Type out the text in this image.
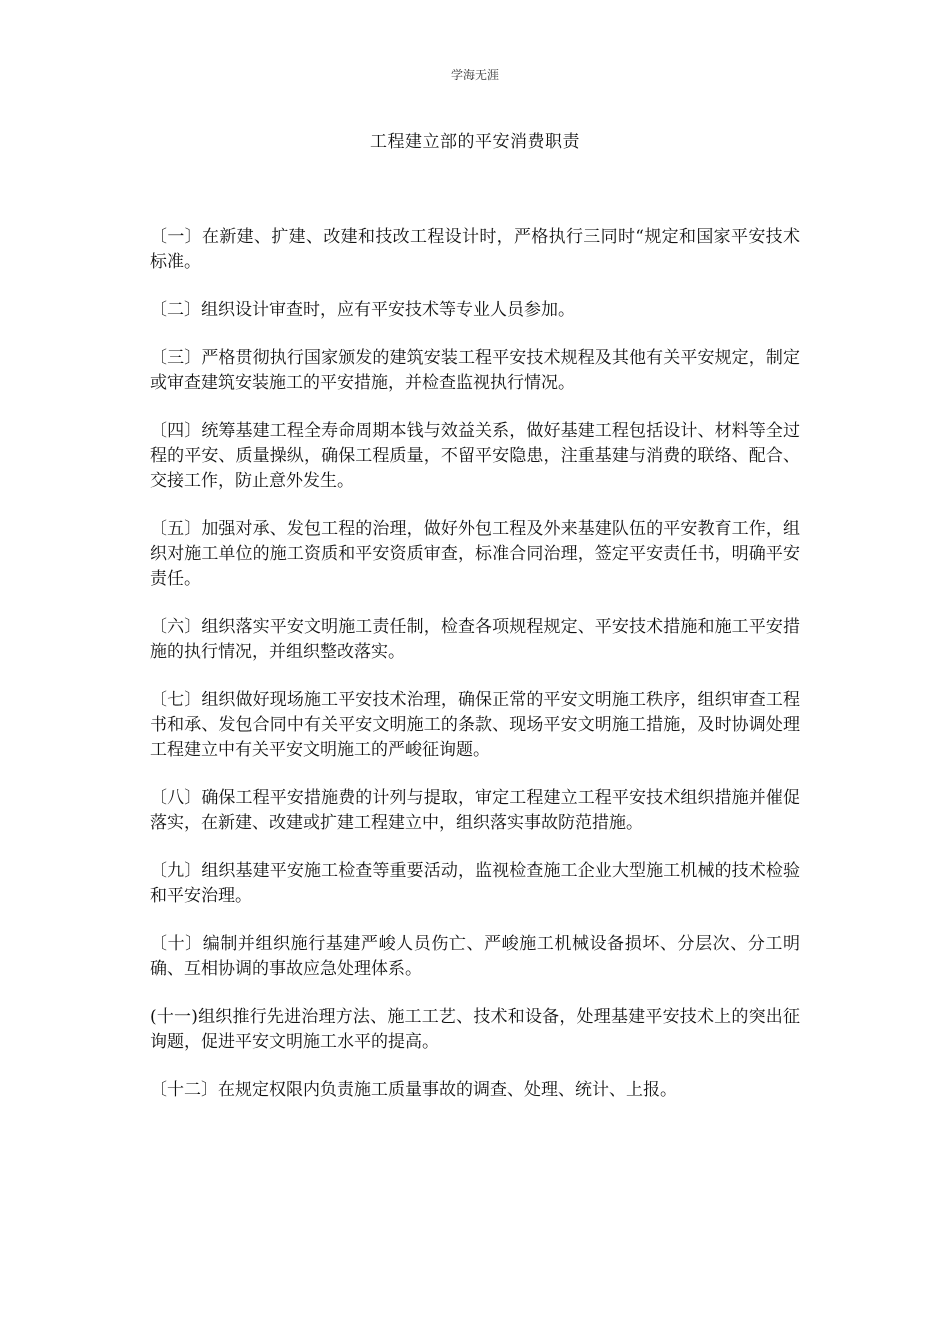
学海无涯
工程建立部的平安消费职责

〔一〕在新建、扩建、改建和技改工程设计时，严格执行三同时“规定和国家平安技术标准。

〔二〕组织设计审查时，应有平安技术等专业人员参加。

〔三〕严格贯彻执行国家颁发的建筑安装工程平安技术规程及其他有关平安规定，制定或审查建筑安装施工的平安措施，并检查监视执行情况。

〔四〕统筹基建工程全寿命周期本钱与效益关系，做好基建工程包括设计、材料等全过程的平安、质量操纵，确保工程质量，不留平安隐患，注重基建与消费的联络、配合、交接工作，防止意外发生。

〔五〕加强对承、发包工程的治理，做好外包工程及外来基建队伍的平安教育工作，组织对施工单位的施工资质和平安资质审查，标准合同治理，签定平安责任书，明确平安责任。

〔六〕组织落实平安文明施工责任制，检查各项规程规定、平安技术措施和施工平安措施的执行情况，并组织整改落实。

〔七〕组织做好现场施工平安技术治理，确保正常的平安文明施工秩序，组织审查工程书和承、发包合同中有关平安文明施工的条款、现场平安文明施工措施，及时协调处理工程建立中有关平安文明施工的严峻征询题。

〔八〕确保工程平安措施费的计列与提取，审定工程建立工程平安技术组织措施并催促落实，在新建、改建或扩建工程建立中，组织落实事故防范措施。

〔九〕组织基建平安施工检查等重要活动，监视检查施工企业大型施工机械的技术检验和平安治理。

〔十〕编制并组织施行基建严峻人员伤亡、严峻施工机械设备损坏、分层次、分工明确、互相协调的事故应急处理体系。

(十一)组织推行先进治理方法、施工工艺、技术和设备，处理基建平安技术上的突出征询题，促进平安文明施工水平的提高。

〔十二〕在规定权限内负责施工质量事故的调查、处理、统计、上报。
